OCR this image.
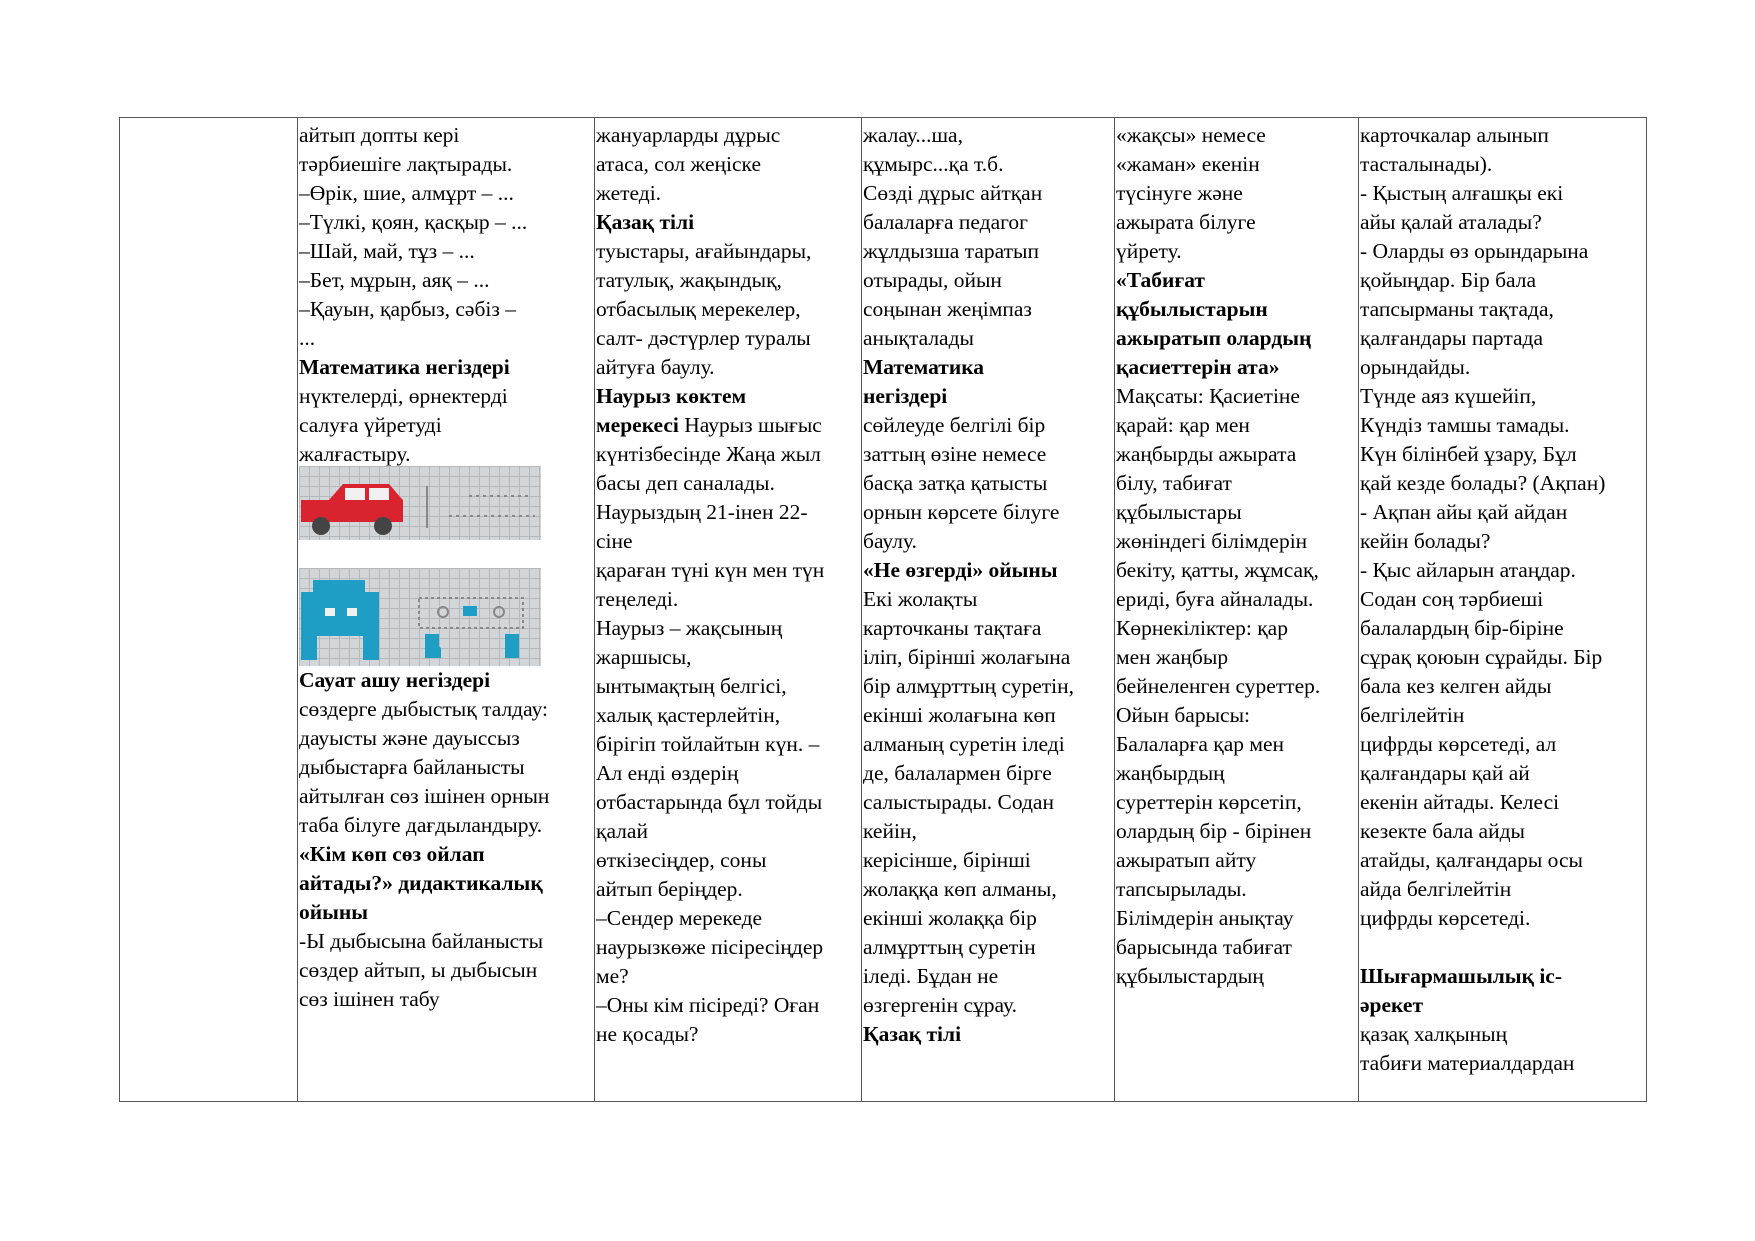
айтып допты кері
тәрбиешіге лақтырады.
–Өрік, шие, алмұрт – ...
–Түлкі, қоян, қасқыр – ...
–Шай, май, тұз – ...
–Бет, мұрын, аяқ – ...
–Қауын, қарбыз, сәбіз –
...
Математика негіздері
нүктелерді, өрнектерді
салуға үйретуді
жалғастыру.
Сауат ашу негіздері
сөздерге дыбыстық талдау:
дауысты және дауыссыз
дыбыстарға байланысты
айтылған сөз ішінен орнын
таба білуге дағдыландыру.
«Кім көп сөз ойлап
айтады?» дидактикалық
ойыны
-Ы дыбысына байланысты
сөздер айтып, ы дыбысын
сөз ішінен табу
жануарларды дұрыс
атаса, сол жеңіске
жетеді.
Қазақ тілі
туыстары, ағайындары,
татулық, жақындық,
отбасылық мерекелер,
салт- дәстүрлер туралы
айтуға баулу.
Наурыз көктем
мерекесі Наурыз шығыс
күнтізбесінде Жаңа жыл
басы деп саналады.
Наурыздың 21-інен 22-
сіне
қараған түні күн мен түн
теңеледі.
Наурыз – жақсының
жаршысы,
ынтымақтың белгісі,
халық қастерлейтін,
бірігіп тойлайтын күн. –
Ал енді өздерің
отбастарында бұл тойды
қалай
өткізесіңдер, соны
айтып беріңдер.
–Сендер мерекеде
наурызкөже пісіресіңдер
ме?
–Оны кім пісіреді? Оған
не қосады?
жалау...ша,
құмырс...қа т.б.
Сөзді дұрыс айтқан
балаларға педагог
жұлдызша таратып
отырады, ойын
соңынан жеңімпаз
анықталады
Математика
негіздері
сөйлеуде белгілі бір
заттың өзіне немесе
басқа затқа қатысты
орнын көрсете білуге
баулу.
«Не өзгерді» ойыны
Екі жолақты
карточканы тақтаға
іліп, бірінші жолағына
бір алмұрттың суретін,
екінші жолағына көп
алманың суретін іледі
де, балалармен бірге
салыстырады. Содан
кейін,
керісінше, бірінші
жолаққа көп алманы,
екінші жолаққа бір
алмұрттың суретін
іледі. Бұдан не
өзгергенін сұрау.
Қазақ тілі
«жақсы» немесе
«жаман» екенін
түсінуге және
ажырата білуге
үйрету.
«Табиғат
құбылыстарын
ажыратып олардың
қасиеттерін ата»
Мақсаты: Қасиетіне
қарай: қар мен
жаңбырды ажырата
білу, табиғат
құбылыстары
жөніндегі білімдерін
бекіту, қатты, жұмсақ,
ериді, буға айналады.
Көрнекіліктер: қар
мен жаңбыр
бейнеленген суреттер.
Ойын барысы:
Балаларға қар мен
жаңбырдың
суреттерін көрсетіп,
олардың бір - бірінен
ажыратып айту
тапсырылады.
Білімдерін анықтау
барысында табиғат
құбылыстардың
карточкалар алынып
тасталынады).
- Қыстың алғашқы екі
айы қалай аталады?
- Оларды өз орындарына
қойыңдар. Бір бала
тапсырманы тақтада,
қалғандары партада
орындайды.
Түнде аяз күшейіп,
Күндіз тамшы тамады.
Күн білінбей ұзару, Бұл
қай кезде болады? (Ақпан)
- Ақпан айы қай айдан
кейін болады?
- Қыс айларын атаңдар.
Содан соң тәрбиеші
балалардың бір-біріне
сұрақ қоюын сұрайды. Бір
бала кез келген айды
белгілейтін
цифрды көрсетеді, ал
қалғандары қай ай
екенін айтады. Келесі
кезекте бала айды
атайды, қалғандары осы
айда белгілейтін
цифрды көрсетеді.
Шығармашылық іс-
әрекет
қазақ халқының
табиғи материалдардан
